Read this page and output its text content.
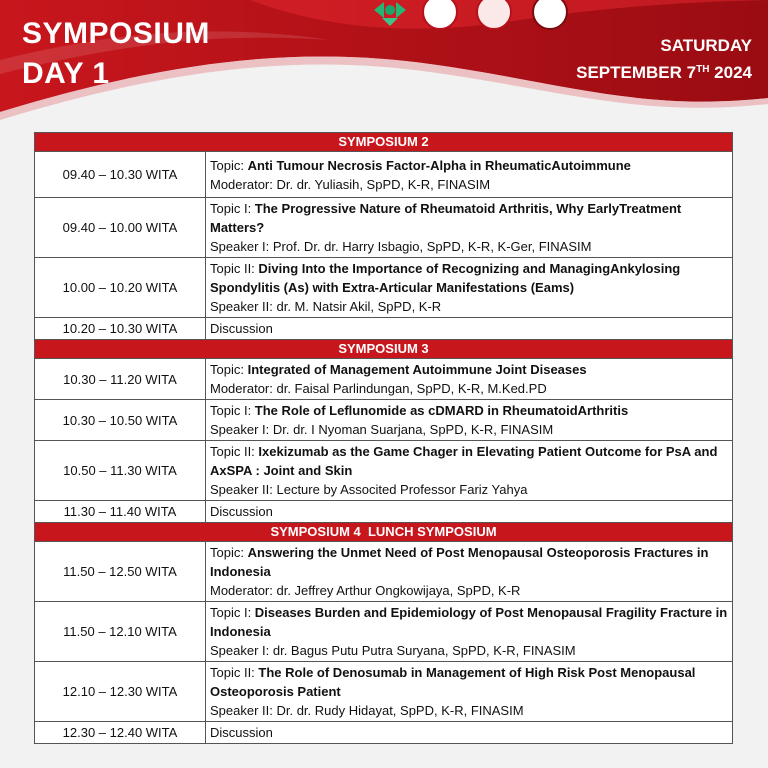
SYMPOSIUM
DAY 1
SATURDAY
SEPTEMBER 7TH 2024
SYMPOSIUM 2	
09.40 – 10.30 WITA	Topic: Anti Tumour Necrosis Factor-Alpha in RheumaticAutoimmune
Moderator: Dr. dr. Yuliasih, SpPD, K-R, FINASIM
09.40 – 10.00 WITA	Topic I: The Progressive Nature of Rheumatoid Arthritis, Why EarlyTreatment Matters?
Speaker I: Prof. Dr. dr. Harry Isbagio, SpPD, K-R, K-Ger, FINASIM
10.00 – 10.20 WITA	Topic II: Diving Into the Importance of Recognizing and ManagingAnkylosing Spondylitis (As) with Extra-Articular Manifestations (Eams)
Speaker II: dr. M. Natsir Akil, SpPD, K-R
10.20 – 10.30 WITA	Discussion
SYMPOSIUM 3	
10.30 – 11.20 WITA	Topic: Integrated of Management Autoimmune Joint Diseases
Moderator: dr. Faisal Parlindungan, SpPD, K-R, M.Ked.PD
10.30 – 10.50 WITA	Topic I: The Role of Leflunomide as cDMARD in RheumatoidArthritis
Speaker I: Dr. dr. I Nyoman Suarjana, SpPD, K-R, FINASIM
10.50 – 11.30 WITA	Topic II: Ixekizumab as the Game Chager in Elevating Patient Outcome for PsA and AxSPA : Joint and Skin
Speaker II: Lecture by Associted Professor Fariz Yahya
11.30 – 11.40 WITA	Discussion
SYMPOSIUM 4  LUNCH SYMPOSIUM	
11.50 – 12.50 WITA	Topic: Answering the Unmet Need of Post Menopausal Osteoporosis Fractures in Indonesia
Moderator: dr. Jeffrey Arthur Ongkowijaya, SpPD, K-R
11.50 – 12.10 WITA	Topic I: Diseases Burden and Epidemiology of Post Menopausal Fragility Fracture in Indonesia
Speaker I: dr. Bagus Putu Putra Suryana, SpPD, K-R, FINASIM
12.10 – 12.30 WITA	Topic II: The Role of Denosumab in Management of High Risk Post Menopausal Osteoporosis Patient
Speaker II: Dr. dr. Rudy Hidayat, SpPD, K-R, FINASIM
12.30 – 12.40 WITA	Discussion
